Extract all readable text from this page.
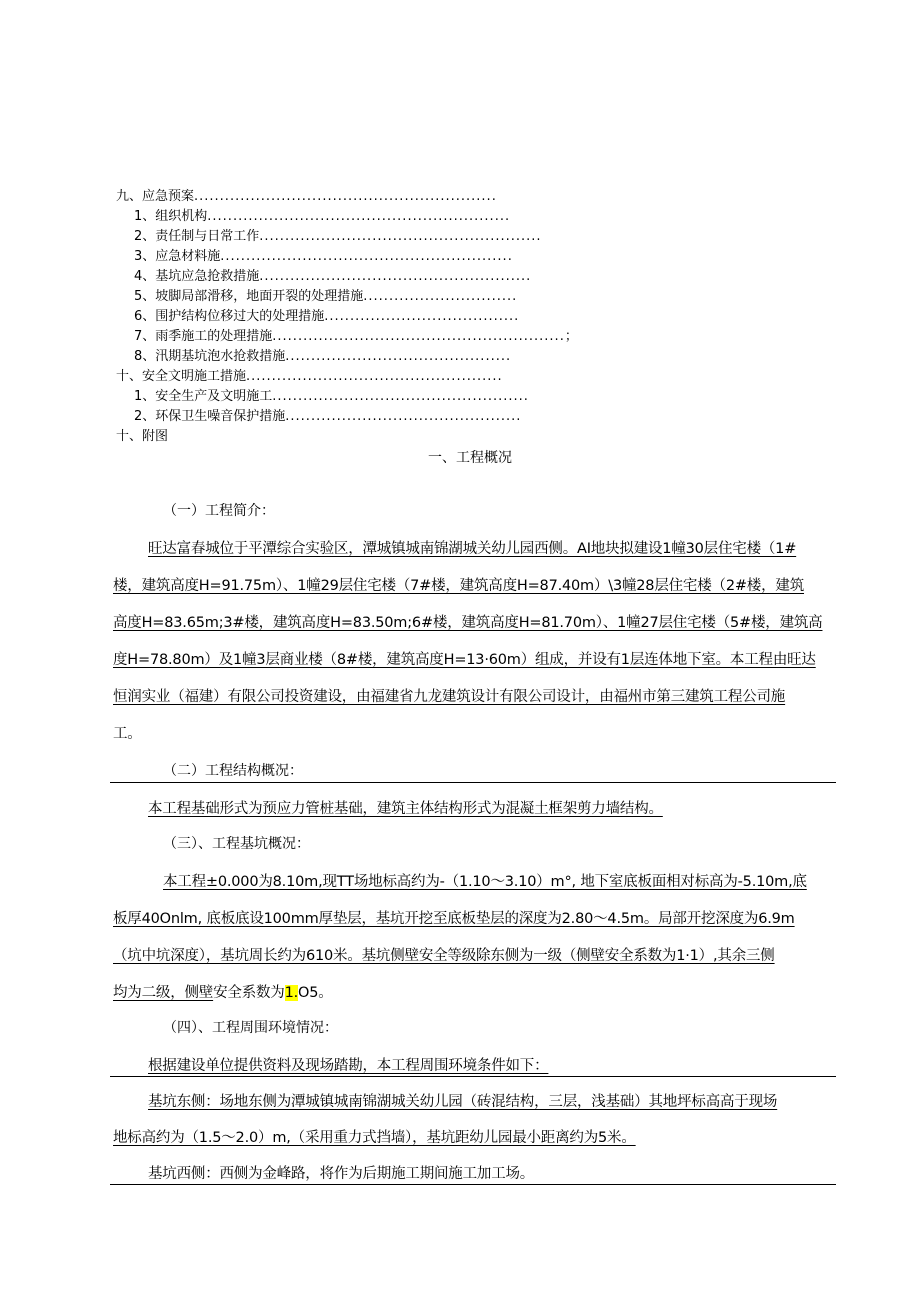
九、应急预案...........................................................
1、组织机构...........................................................
2、责任制与日常工作.......................................................
3、应急材料施.........................................................
4、基坑应急抢救措施.....................................................
5、坡脚局部滑移，地面开裂的处理措施..............................
6、围护结构位移过大的处理措施......................................
7、雨季施工的处理措施.........................................................；
8、汛期基坑泡水抢救措施............................................
十、安全文明施工措施..................................................
1、安全生产及文明施工..................................................
2、环保卫生噪音保护措施..............................................
十、附图
一、工程概况
（一）工程简介：
旺达富春城位于平潭综合实验区，潭城镇城南锦湖城关幼儿园西侧。AI地块拟建设1幢30层住宅楼（1#
楼，建筑高度H=91.75m）、1幢29层住宅楼（7#楼，建筑高度H=87.40m）\3幢28层住宅楼（2#楼，建筑
高度H=83.65m;3#楼，建筑高度H=83.50m;6#楼，建筑高度H=81.70m）、1幢27层住宅楼（5#楼，建筑高
度H=78.80m）及1幢3层商业楼（8#楼，建筑高度H=13·60m）组成，并设有1层连体地下室。本工程由旺达
恒润实业（福建）有限公司投资建设，由福建省九龙建筑设计有限公司设计，由福州市第三建筑工程公司施
工。
（二）工程结构概况：
本工程基础形式为预应力管桩基础，建筑主体结构形式为混凝土框架剪力墙结构。
（三）、工程基坑概况：
本工程±0.000为8.10m,现TT场地标高约为-（1.10～3.10）m°, 地下室底板面相对标高为-5.10m,底
板厚40Onlm, 底板底设100mm厚垫层，基坑开挖至底板垫层的深度为2.80～4.5m。局部开挖深度为6.9m
（坑中坑深度），基坑周长约为610米。基坑侧壁安全等级除东侧为一级（侧壁安全系数为1·1）,其余三侧
均为二级，侧壁安全系数为1.O5。
（四）、工程周围环境情况：
根据建设单位提供资料及现场踏勘，本工程周围环境条件如下：
基坑东侧：场地东侧为潭城镇城南锦湖城关幼儿园（砖混结构，三层，浅基础）其地坪标高高于现场
地标高约为（1.5～2.0）m,（采用重力式挡墙），基坑距幼儿园最小距离约为5米。
基坑西侧：西侧为金峰路，将作为后期施工期间施工加工场。
